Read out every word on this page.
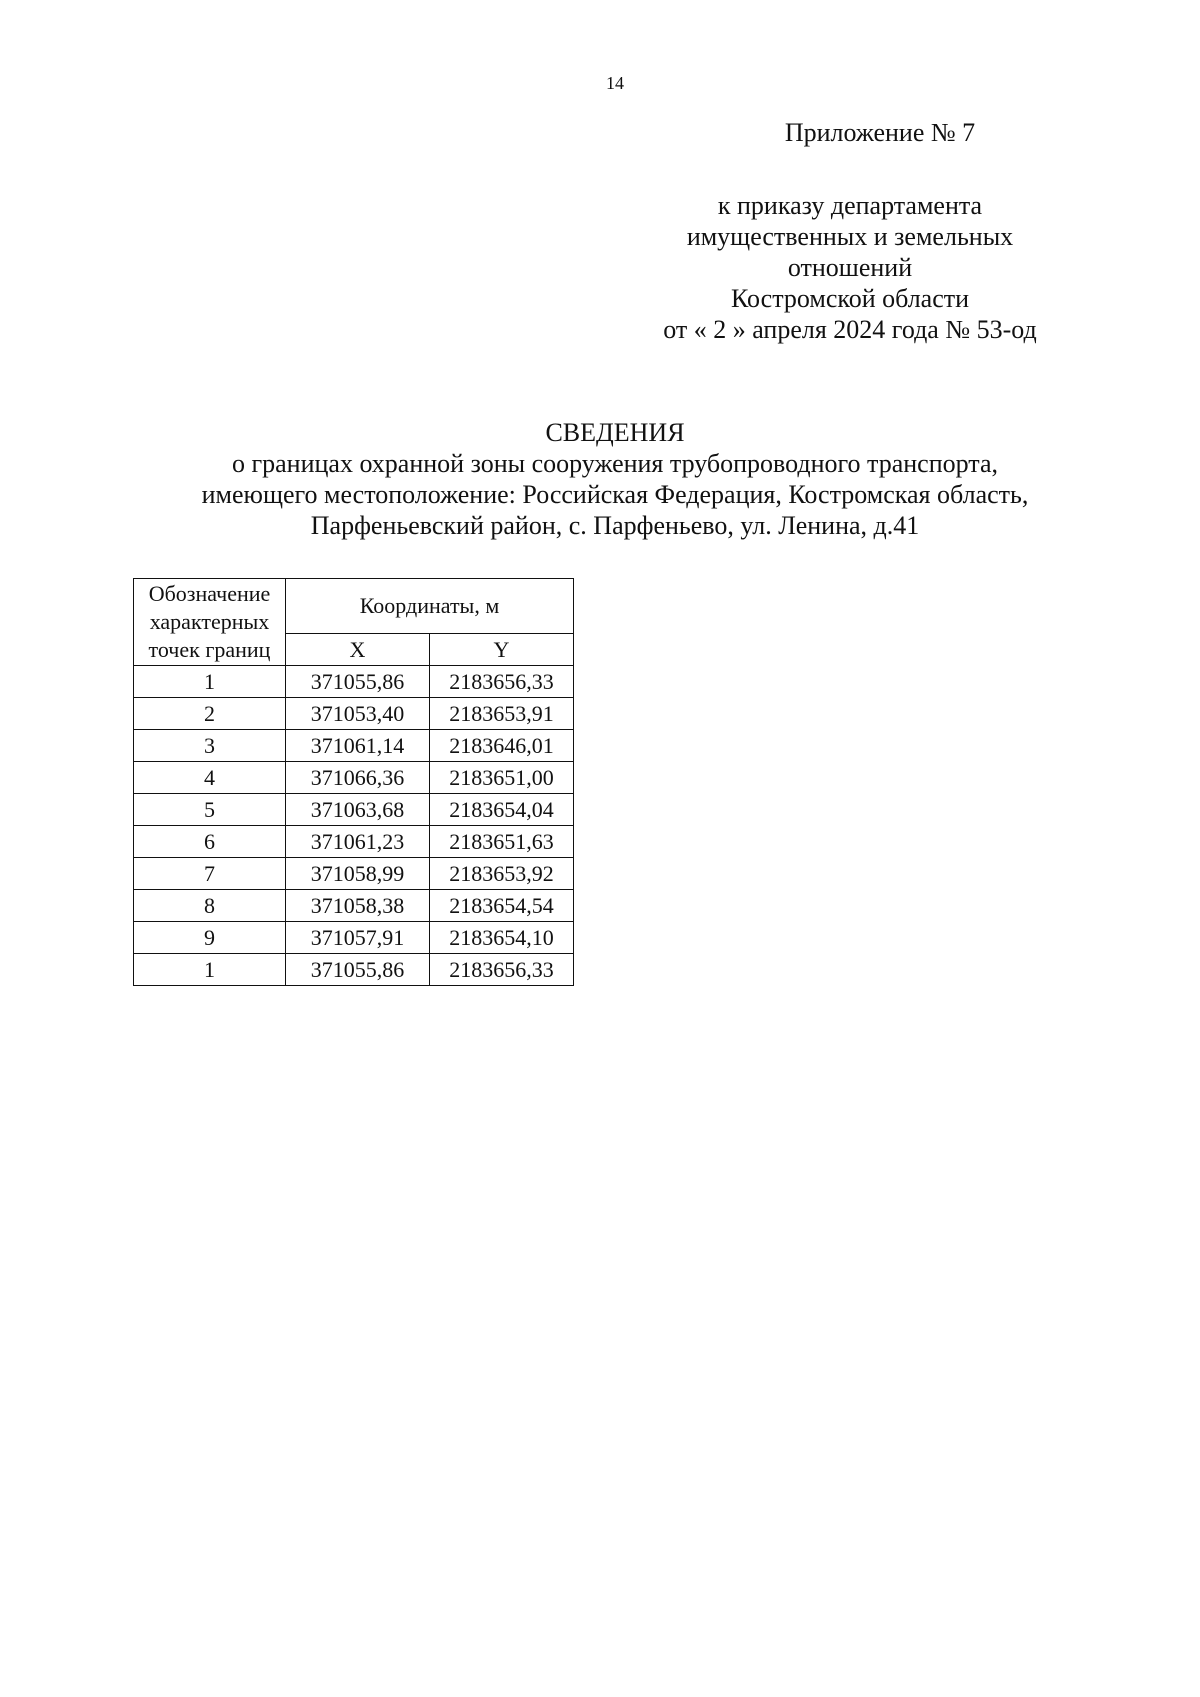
14
Приложение № 7
к приказу департамента
имущественных и земельных
отношений
Костромской области
от « 2 » апреля 2024 года № 53-од
СВЕДЕНИЯ
о границах охранной зоны сооружения трубопроводного транспорта,
имеющего местоположение: Российская Федерация, Костромская область,
Парфеньевский район, с. Парфеньево, ул. Ленина, д.41
Обозначение
характерных
точек границ	Координаты, м	
	X	Y
1	371055,86	2183656,33
2	371053,40	2183653,91
3	371061,14	2183646,01
4	371066,36	2183651,00
5	371063,68	2183654,04
6	371061,23	2183651,63
7	371058,99	2183653,92
8	371058,38	2183654,54
9	371057,91	2183654,10
1	371055,86	2183656,33
